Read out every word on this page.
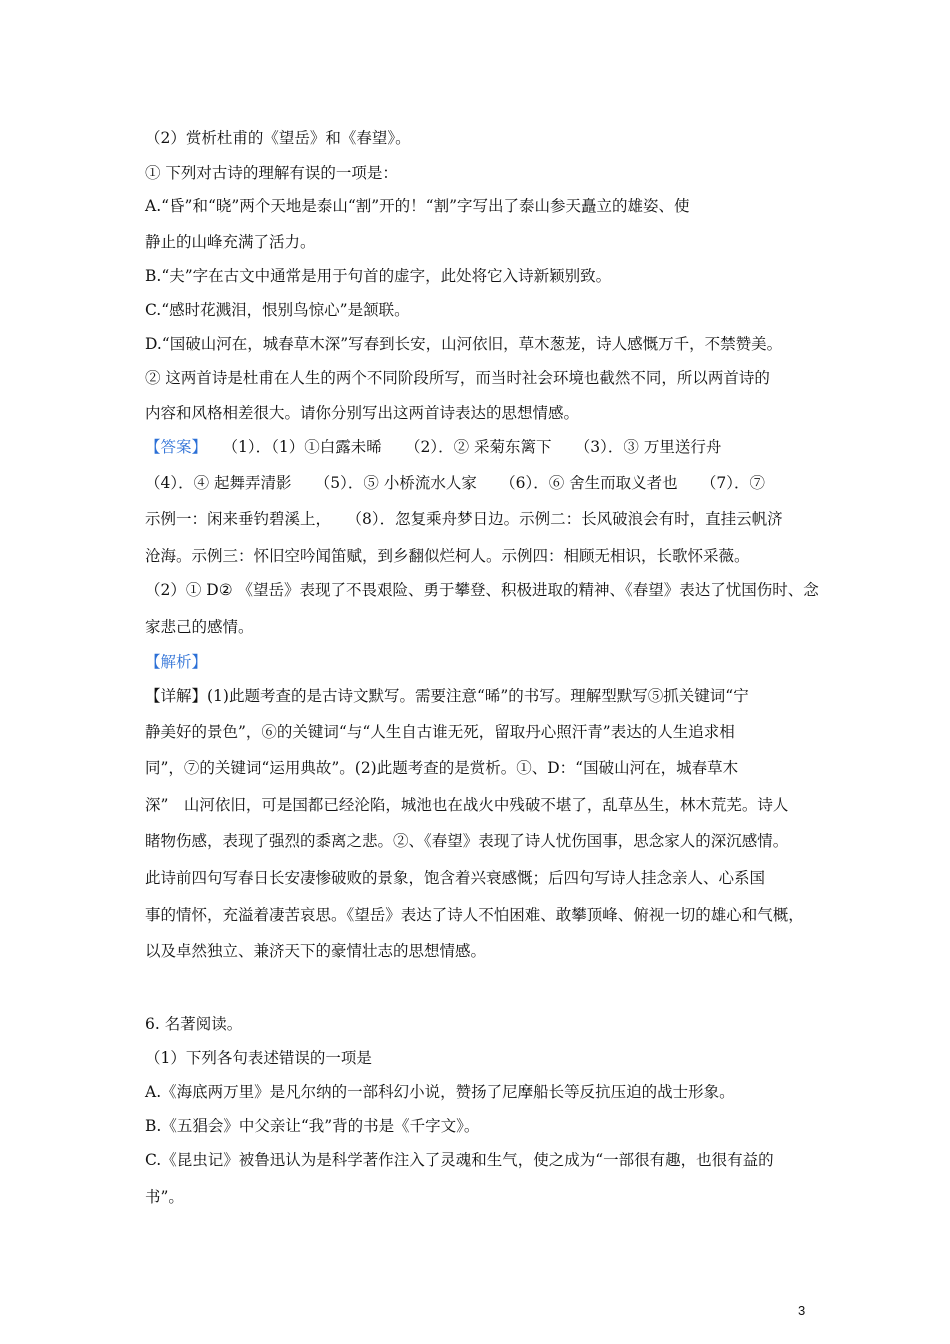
（2）赏析杜甫的《望岳》和《春望》。
① 下列对古诗的理解有误的一项是：
A.“昏”和“晓”两个天地是泰山“割”开的！“割”字写出了泰山参天矗立的雄姿、使
静止的山峰充满了活力。
B.“夫”字在古文中通常是用于句首的虚字，此处将它入诗新颖别致。
C.“感时花溅泪，恨别鸟惊心”是颔联。
D.“国破山河在，城春草木深”写春到长安，山河依旧，草木葱茏，诗人感慨万千，不禁赞美。
② 这两首诗是杜甫在人生的两个不同阶段所写，而当时社会环境也截然不同，所以两首诗的
内容和风格相差很大。请你分别写出这两首诗表达的思想情感。
【答案】　　（1）．（1）①白露未晞　　（2）．② 采菊东篱下　　（3）．③ 万里送行舟
（4）．④ 起舞弄清影　　（5）．⑤ 小桥流水人家　　（6）．⑥ 舍生而取义者也　　（7）．⑦
示例一：闲来垂钓碧溪上，　　（8）．忽复乘舟梦日边。示例二：长风破浪会有时，直挂云帆济
沧海。示例三：怀旧空吟闻笛赋，到乡翻似烂柯人。示例四：相顾无相识，长歌怀采薇。
（2）① D② 《望岳》表现了不畏艰险、勇于攀登、积极进取的精神、《春望》表达了忧国伤时、念
家悲己的感情。
【解析】
【详解】(1)此题考查的是古诗文默写。需要注意“晞”的书写。理解型默写⑤抓关键词“宁
静美好的景色”，⑥的关键词“与“人生自古谁无死，留取丹心照汗青”表达的人生追求相
同”，⑦的关键词“运用典故”。(2)此题考查的是赏析。①、D：“国破山河在，城春草木
深”　山河依旧，可是国都已经沦陷，城池也在战火中残破不堪了，乱草丛生，林木荒芜。诗人
睹物伤感，表现了强烈的黍离之悲。②、《春望》表现了诗人忧伤国事，思念家人的深沉感情。
此诗前四句写春日长安凄惨破败的景象，饱含着兴衰感慨；后四句写诗人挂念亲人、心系国
事的情怀，充溢着凄苦哀思。《望岳》表达了诗人不怕困难、敢攀顶峰、俯视一切的雄心和气概，
以及卓然独立、兼济天下的豪情壮志的思想情感。
6. 名著阅读。
（1）下列各句表述错误的一项是
A.《海底两万里》是凡尔纳的一部科幻小说，赞扬了尼摩船长等反抗压迫的战士形象。
B.《五猖会》中父亲让“我”背的书是《千字文》。
C.《昆虫记》被鲁迅认为是科学著作注入了灵魂和生气，使之成为“一部很有趣，也很有益的
书”。
3
